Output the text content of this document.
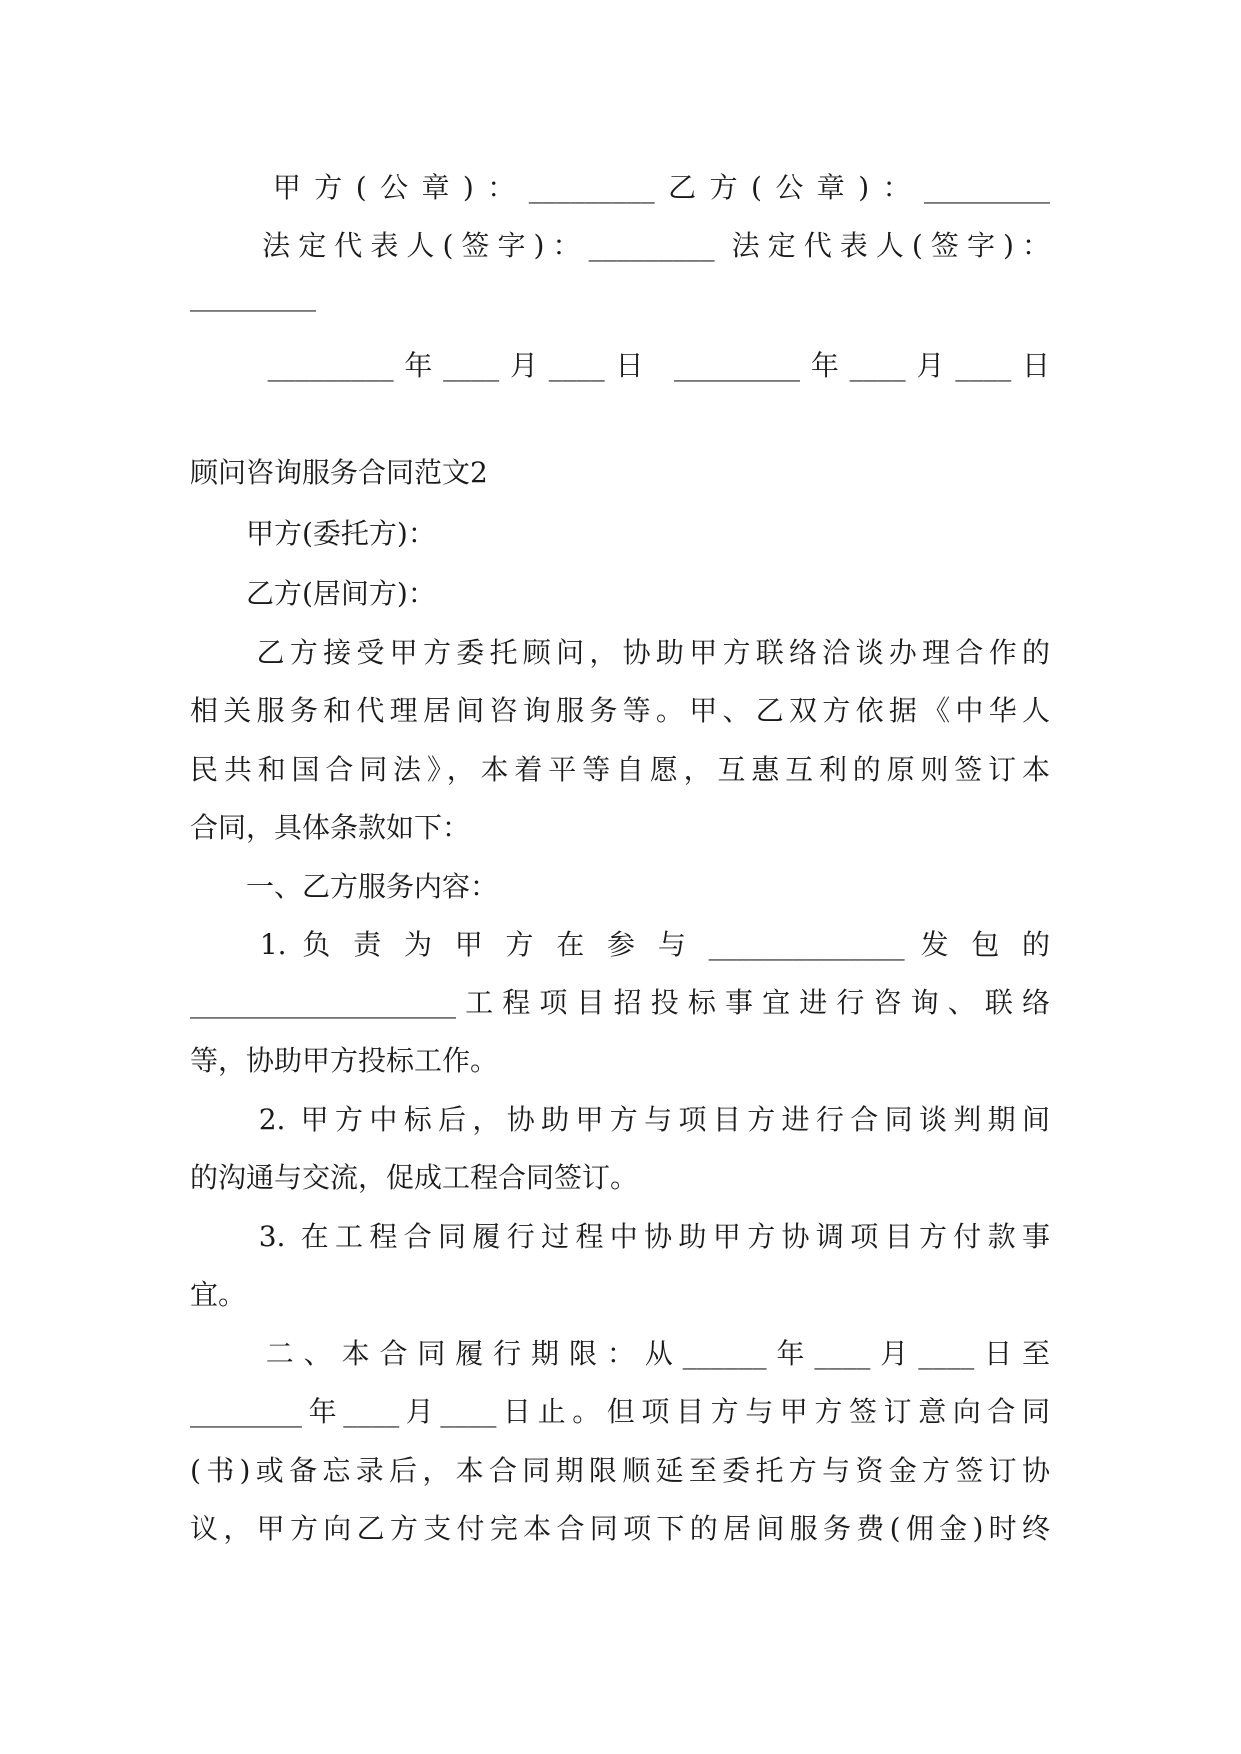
　　甲方(公章)：_________乙方(公章)：_________
　　法定代表人(签字)：_________ 法定代表人(签字)：
_________
　　_________年____月____日 _________年____月____日
顾问咨询服务合同范文2
　　甲方(委托方)：
　　乙方(居间方)：
　　乙方接受甲方委托顾问，协助甲方联络洽谈办理合作的
相关服务和代理居间咨询服务等。甲、乙双方依据《中华人
民共和国合同法》，本着平等自愿，互惠互利的原则签订本
合同，具体条款如下：
　　一、乙方服务内容：
　　1. 负 责 为 甲 方 在 参 与 ______________ 发 包 的
___________________工程项目招投标事宜进行咨询、联络
等，协助甲方投标工作。
　　2. 甲方中标后，协助甲方与项目方进行合同谈判期间
的沟通与交流，促成工程合同签订。
　　3. 在工程合同履行过程中协助甲方协调项目方付款事
宜。
　　二、本合同履行期限：从______年____月____日至
________年____月____日止。但项目方与甲方签订意向合同
(书)或备忘录后，本合同期限顺延至委托方与资金方签订协
议，甲方向乙方支付完本合同项下的居间服务费(佣金)时终
